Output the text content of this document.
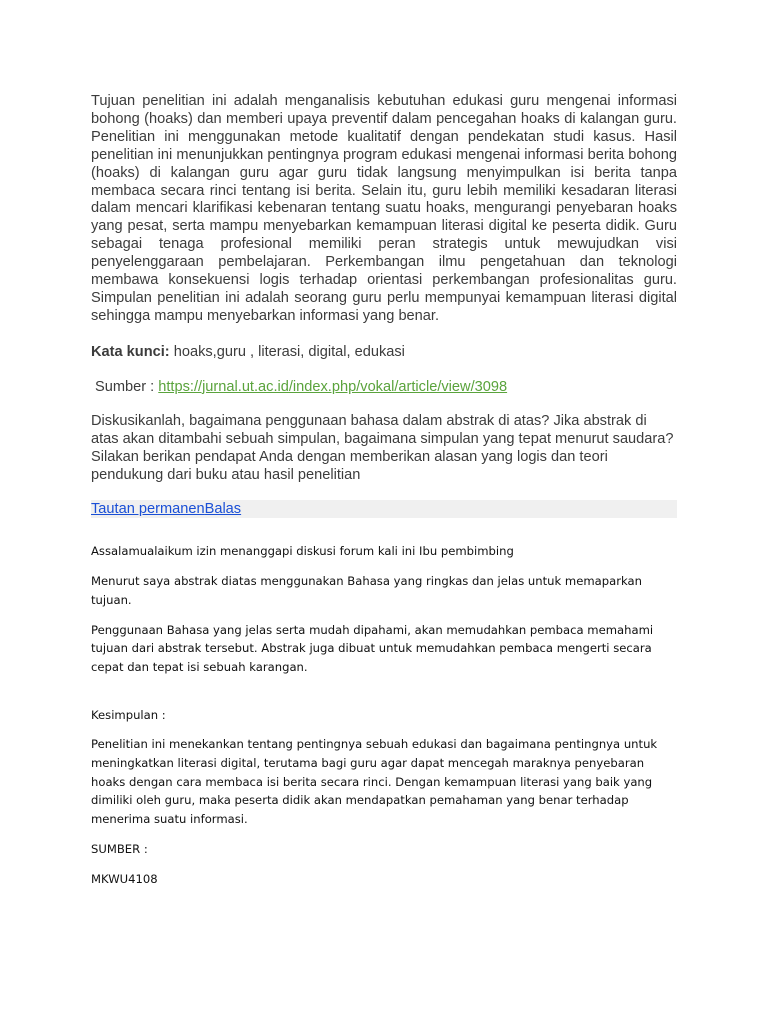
Tujuan penelitian ini adalah menganalisis kebutuhan edukasi guru mengenai informasi bohong (hoaks) dan memberi upaya preventif dalam pencegahan hoaks di kalangan guru. Penelitian ini menggunakan metode kualitatif dengan pendekatan studi kasus. Hasil penelitian ini menunjukkan pentingnya program edukasi mengenai informasi berita bohong (hoaks) di kalangan guru agar guru tidak langsung menyimpulkan isi berita tanpa membaca secara rinci tentang isi berita. Selain itu, guru lebih memiliki kesadaran literasi dalam mencari klarifikasi kebenaran tentang suatu hoaks, mengurangi penyebaran hoaks yang pesat, serta mampu menyebarkan kemampuan literasi digital ke peserta didik. Guru sebagai tenaga profesional memiliki peran strategis untuk mewujudkan visi penyelenggaraan pembelajaran. Perkembangan ilmu pengetahuan dan teknologi membawa konsekuensi logis terhadap orientasi perkembangan profesionalitas guru. Simpulan penelitian ini adalah seorang guru perlu mempunyai kemampuan literasi digital sehingga mampu menyebarkan informasi yang benar.

Kata kunci: hoaks,guru , literasi, digital, edukasi

Sumber : https://jurnal.ut.ac.id/index.php/vokal/article/view/3098

Diskusikanlah, bagaimana penggunaan bahasa dalam abstrak di atas? Jika abstrak di atas akan ditambahi sebuah simpulan, bagaimana simpulan yang tepat menurut saudara? Silakan berikan pendapat Anda dengan memberikan alasan yang logis dan teori pendukung dari buku atau hasil penelitian

Tautan permanenBalas

Assalamualaikum izin menanggapi diskusi forum kali ini Ibu pembimbing

Menurut saya abstrak diatas menggunakan Bahasa yang ringkas dan jelas untuk memaparkan tujuan.

Penggunaan Bahasa yang jelas serta mudah dipahami, akan memudahkan pembaca memahami tujuan dari abstrak tersebut. Abstrak juga dibuat untuk memudahkan pembaca mengerti secara cepat dan tepat isi sebuah karangan.

Kesimpulan :

Penelitian ini menekankan tentang pentingnya sebuah edukasi dan bagaimana pentingnya untuk meningkatkan literasi digital, terutama bagi guru agar dapat mencegah maraknya penyebaran hoaks dengan cara membaca isi berita secara rinci. Dengan kemampuan literasi yang baik yang dimiliki oleh guru, maka peserta didik akan mendapatkan pemahaman yang benar terhadap menerima suatu informasi.

SUMBER :

MKWU4108
